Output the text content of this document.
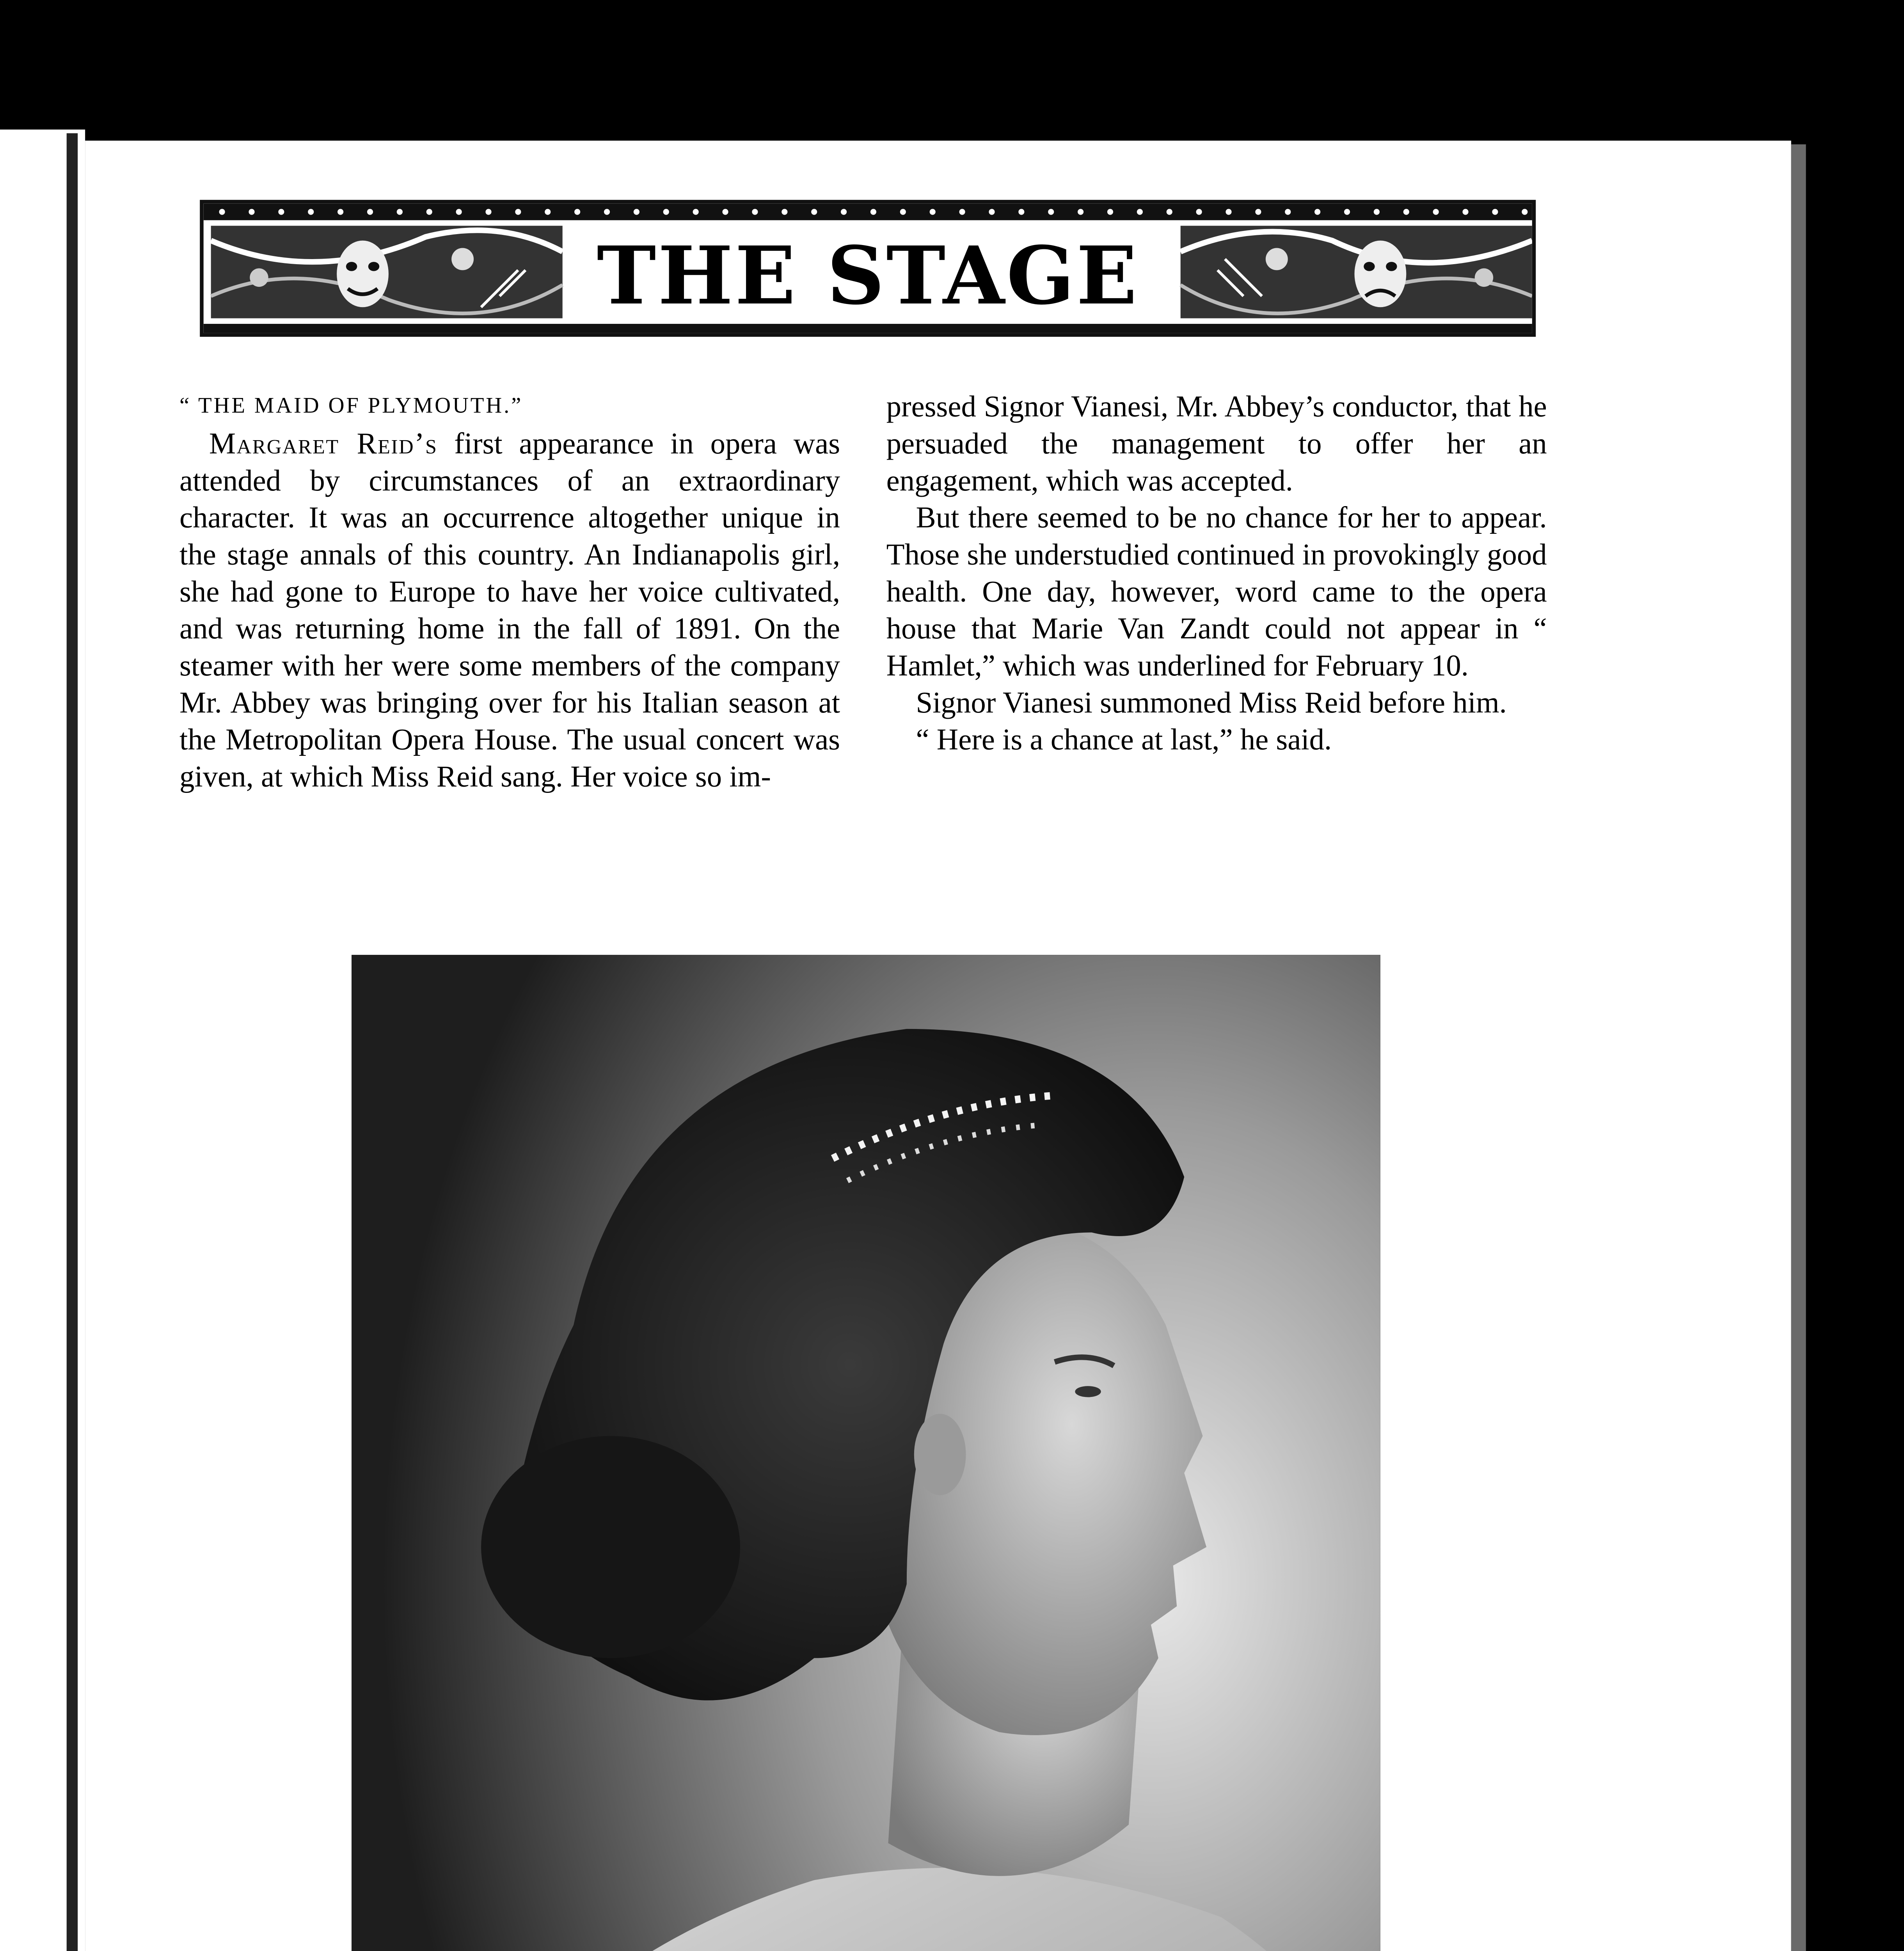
THE STAGE
“ THE MAID OF PLYMOUTH.”

Margaret Reid’s first appearance in opera was attended by circumstances of an extraordinary character. It was an occurrence altogether unique in the stage annals of this country. An Indianapolis girl, she had gone to Europe to have her voice cultivated, and was returning home in the fall of 1891. On the steamer with her were some members of the company Mr. Abbey was bringing over for his Italian season at the Metropolitan Opera House. The usual concert was given, at which Miss Reid sang. Her voice so im-

pressed Signor Vianesi, Mr. Abbey’s conductor, that he persuaded the management to offer her an engagement, which was accepted.

But there seemed to be no chance for her to appear. Those she understudied continued in provokingly good health. One day, however, word came to the opera house that Marie Van Zandt could not appear in “ Hamlet,” which was underlined for February 10.

Signor Vianesi summoned Miss Reid before him.

“ Here is a chance at last,” he said.
